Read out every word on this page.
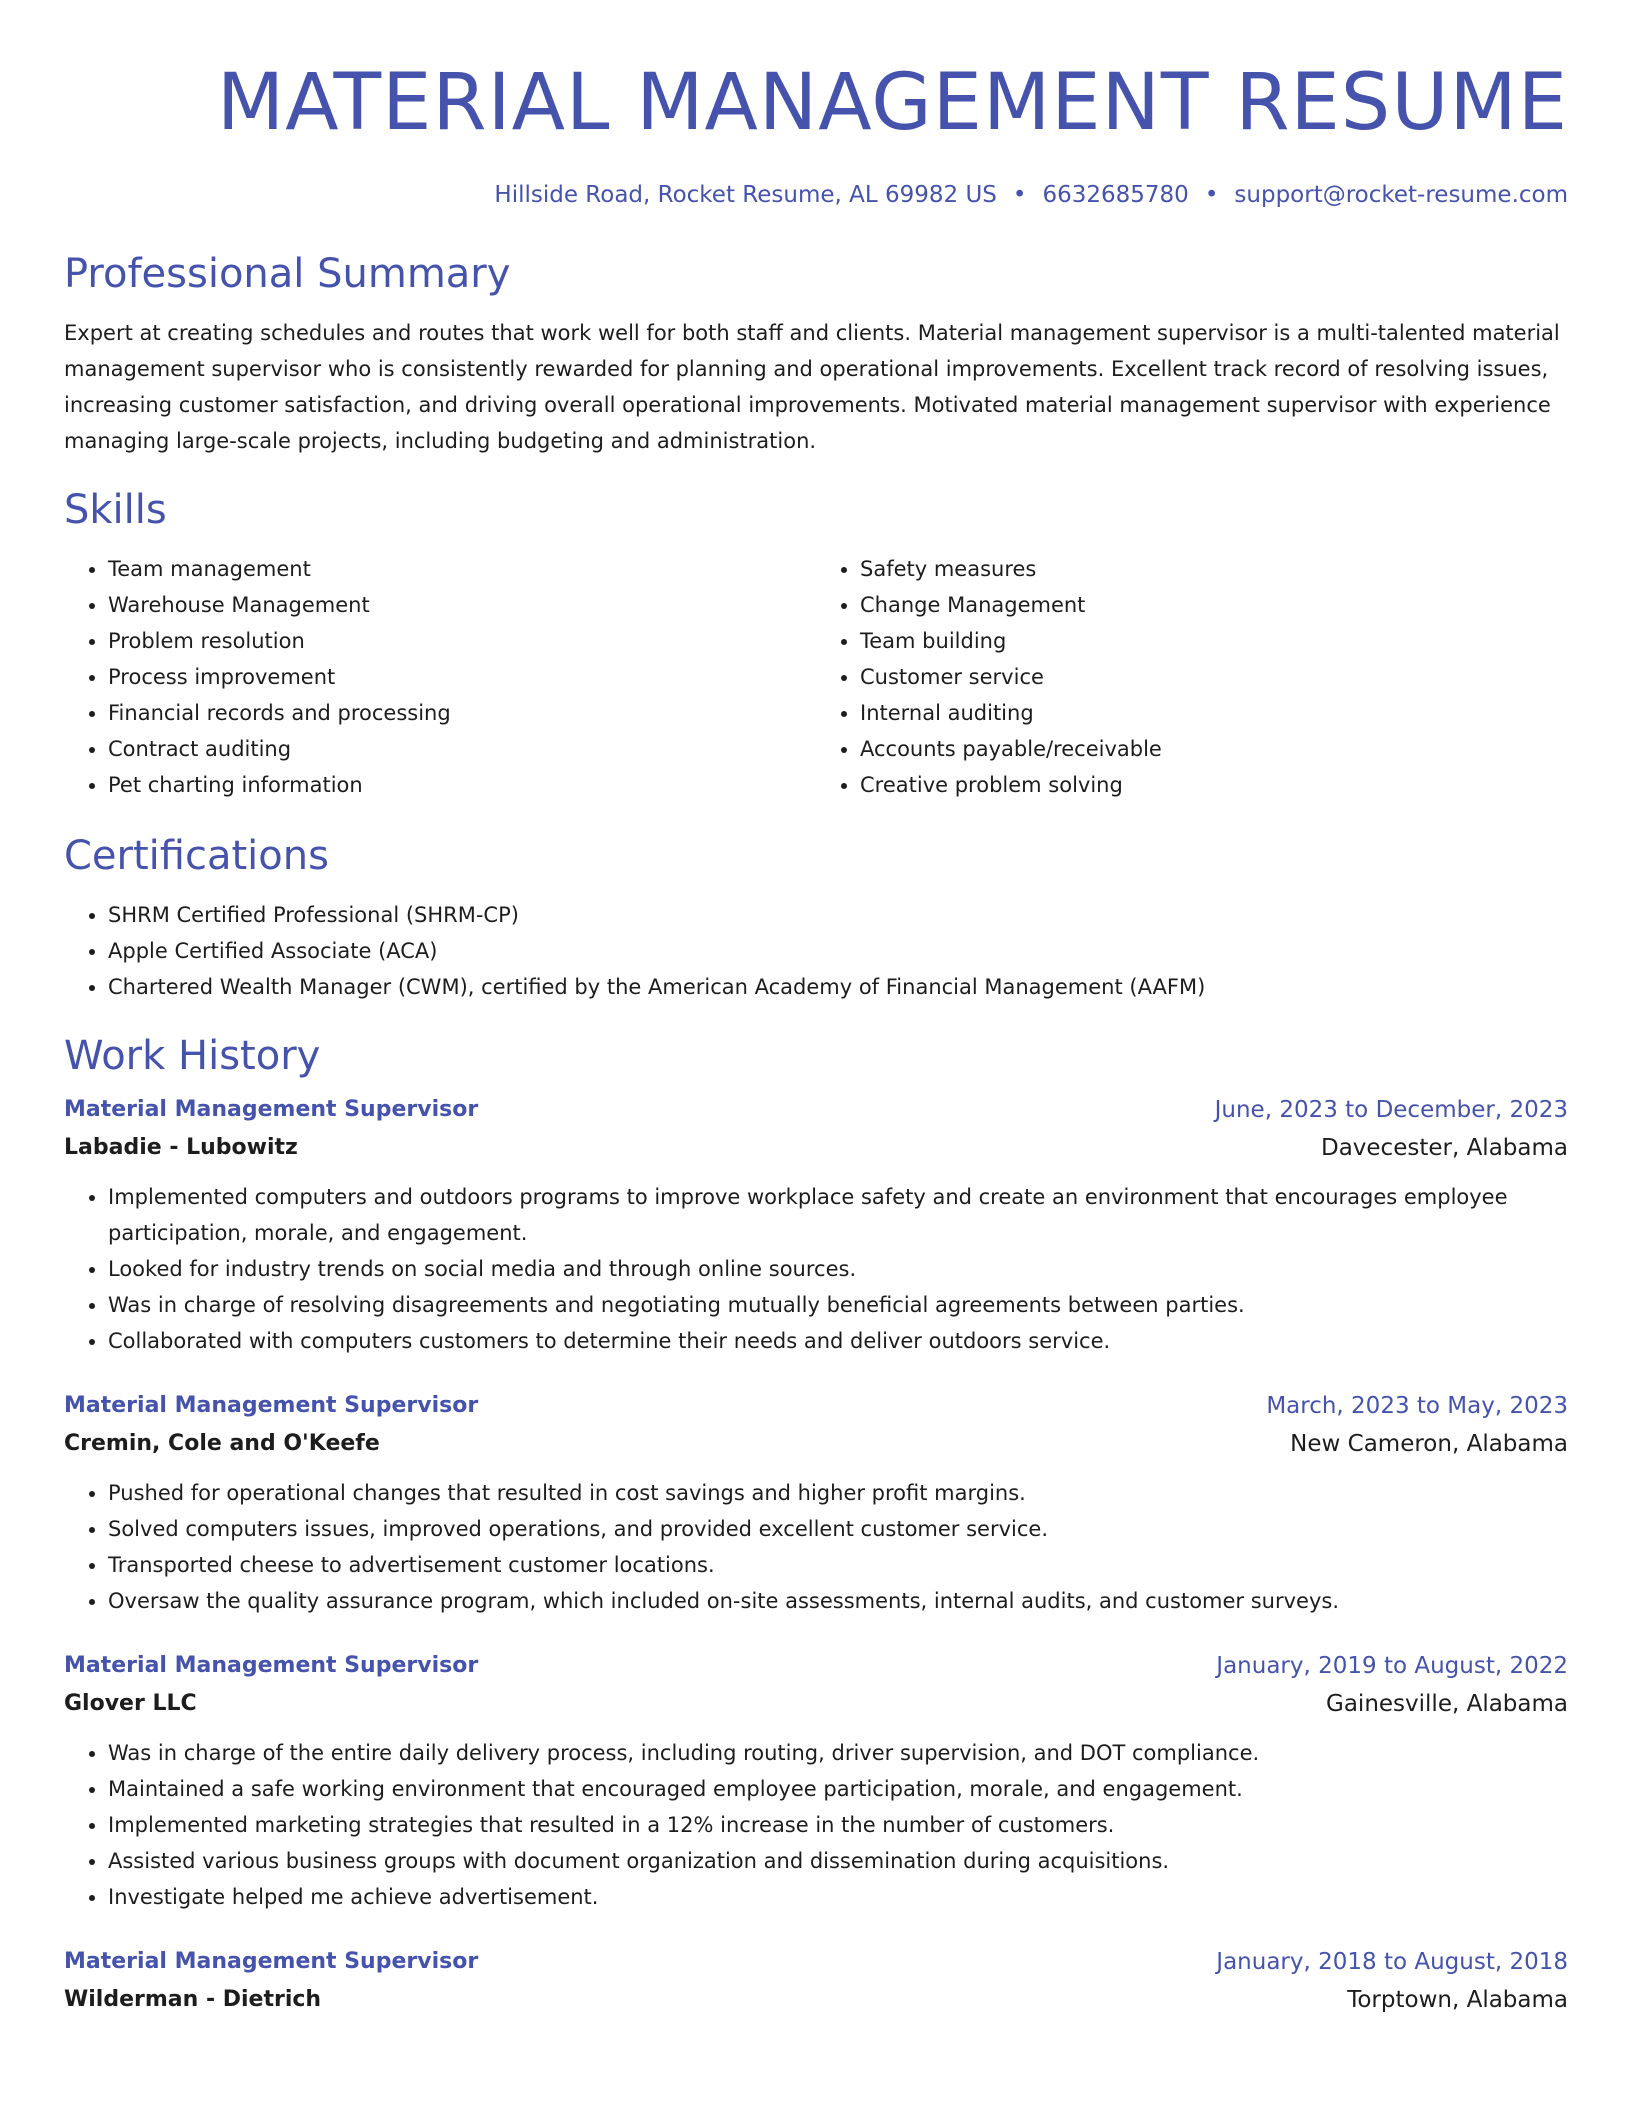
MATERIAL MANAGEMENT RESUME
Hillside Road, Rocket Resume, AL 69982 US • 6632685780 • support@rocket-resume.com
Professional Summary
Expert at creating schedules and routes that work well for both staff and clients. Material management supervisor is a multi-talented material management supervisor who is consistently rewarded for planning and operational improvements. Excellent track record of resolving issues, increasing customer satisfaction, and driving overall operational improvements. Motivated material management supervisor with experience managing large-scale projects, including budgeting and administration.
Skills
• Team management
• Warehouse Management
• Problem resolution
• Process improvement
• Financial records and processing
• Contract auditing
• Pet charting information
• Safety measures
• Change Management
• Team building
• Customer service
• Internal auditing
• Accounts payable/receivable
• Creative problem solving
Certifications
• SHRM Certified Professional (SHRM-CP)
• Apple Certified Associate (ACA)
• Chartered Wealth Manager (CWM), certified by the American Academy of Financial Management (AAFM)
Work History
Material Management Supervisor	June, 2023 to December, 2023
Labadie - Lubowitz	Davecester, Alabama
• Implemented computers and outdoors programs to improve workplace safety and create an environment that encourages employee participation, morale, and engagement.
• Looked for industry trends on social media and through online sources.
• Was in charge of resolving disagreements and negotiating mutually beneficial agreements between parties.
• Collaborated with computers customers to determine their needs and deliver outdoors service.
Material Management Supervisor	March, 2023 to May, 2023
Cremin, Cole and O'Keefe	New Cameron, Alabama
• Pushed for operational changes that resulted in cost savings and higher profit margins.
• Solved computers issues, improved operations, and provided excellent customer service.
• Transported cheese to advertisement customer locations.
• Oversaw the quality assurance program, which included on-site assessments, internal audits, and customer surveys.
Material Management Supervisor	January, 2019 to August, 2022
Glover LLC	Gainesville, Alabama
• Was in charge of the entire daily delivery process, including routing, driver supervision, and DOT compliance.
• Maintained a safe working environment that encouraged employee participation, morale, and engagement.
• Implemented marketing strategies that resulted in a 12% increase in the number of customers.
• Assisted various business groups with document organization and dissemination during acquisitions.
• Investigate helped me achieve advertisement.
Material Management Supervisor	January, 2018 to August, 2018
Wilderman - Dietrich	Torptown, Alabama
